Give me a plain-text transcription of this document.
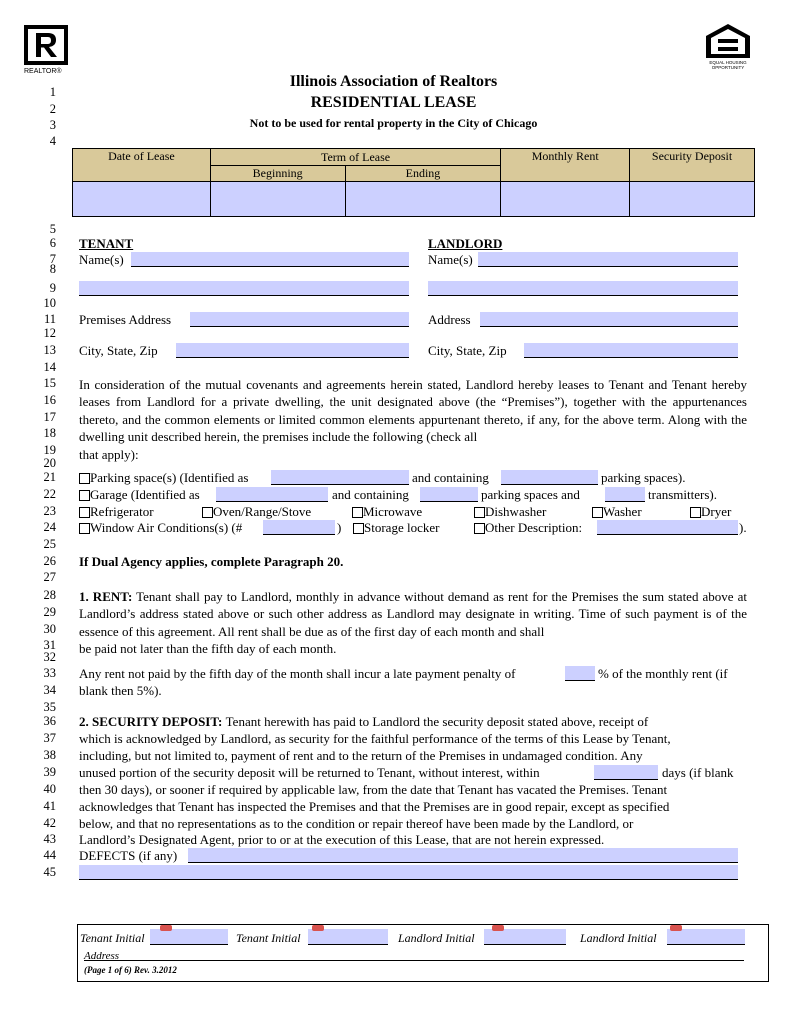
REALTOR®
EQUAL HOUSING OPPORTUNITY
Illinois Association of Realtors
RESIDENTIAL LEASE
Not to be used for rental property in the City of Chicago
1
2
3
4
5
6
7
8
9
10
11
12
13
14
15
16
17
18
19
20
21
22
23
24
25
26
27
28
29
30
31
32
33
34
35
36
37
38
39
40
41
42
43
44
45
Date of Lease	Term of Lease		Monthly Rent	Security Deposit
	Beginning	Ending		

TENANT	LANDLORD
Name(s)	Name(s)
Premises Address	Address
City, State, Zip	City, State, Zip
In consideration of the mutual covenants and agreements herein stated, Landlord hereby leases to Tenant and Tenant hereby leases from Landlord for a private dwelling, the unit designated above (the “Premises”), together with the appurtenances thereto, and the common elements or limited common elements appurtenant thereto, if any, for the above term. Along with the dwelling unit described herein, the premises include the following (check all
that apply):
Parking space(s) (Identified as	and containing	parking spaces).
Garage (Identified as	and containing	parking spaces and	transmitters).
Refrigerator	Oven/Range/Stove	Microwave	Dishwasher	Washer	Dryer
Window Air Conditions(s) (#	) Storage locker	Other Description:	).
If Dual Agency applies, complete Paragraph 20.
1. RENT: Tenant shall pay to Landlord, monthly in advance without demand as rent for the Premises the sum stated above at Landlord’s address stated above or such other address as Landlord may designate in writing. Time of such payment is of the essence of this agreement. All rent shall be due as of the first day of each month and shall
be paid not later than the fifth day of each month.
Any rent not paid by the fifth day of the month shall incur a late payment penalty of	% of the monthly rent (if
blank then 5%).
2. SECURITY DEPOSIT: Tenant herewith has paid to Landlord the security deposit stated above, receipt of
which is acknowledged by Landlord, as security for the faithful performance of the terms of this Lease by Tenant,
including, but not limited to, payment of rent and to the return of the Premises in undamaged condition. Any
unused portion of the security deposit will be returned to Tenant, without interest, within	days (if blank
then 30 days), or sooner if required by applicable law, from the date that Tenant has vacated the Premises. Tenant
acknowledges that Tenant has inspected the Premises and that the Premises are in good repair, except as specified
below, and that no representations as to the condition or repair thereof have been made by the Landlord, or
Landlord’s Designated Agent, prior to or at the execution of this Lease, that are not herein expressed.
DEFECTS (if any)
Tenant Initial	Tenant Initial	Landlord Initial	Landlord Initial
Address
(Page 1 of 6) Rev. 3.2012
